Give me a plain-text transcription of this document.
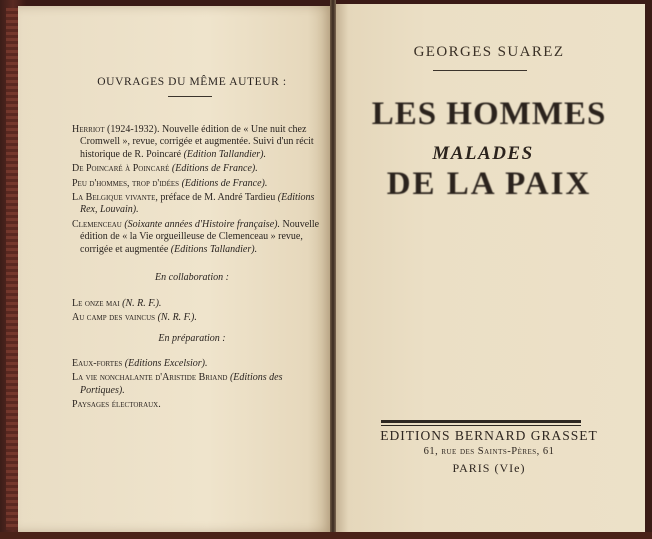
OUVRAGES DU MÊME AUTEUR :

Herriot (1924-1932). Nouvelle édition de « Une nuit chez Cromwell », revue, corrigée et augmentée. Suivi d'un récit historique de R. Poincaré (Edition Tallandier).

De Poincaré à Poincaré (Editions de France).

Peu d'hommes, trop d'idées (Editions de France).

La Belgique vivante, préface de M. André Tardieu (Editions Rex, Louvain).

Clemenceau (Soixante années d'Histoire française). Nouvelle édition de « la Vie orgueilleuse de Clemenceau » revue, corrigée et augmentée (Editions Tallandier).

En collaboration :

Le onze mai (N. R. F.).

Au camp des vaincus (N. R. F.).

En préparation :

Eaux-fortes (Editions Excelsior).

La vie nonchalante d'Aristide Briand (Editions des Portiques).

Paysages électoraux.

GEORGES SUAREZ
LES HOMMES
MALADES
DE LA PAIX
EDITIONS BERNARD GRASSET
61, rue des Saints-Pères, 61
PARIS (VIe)
